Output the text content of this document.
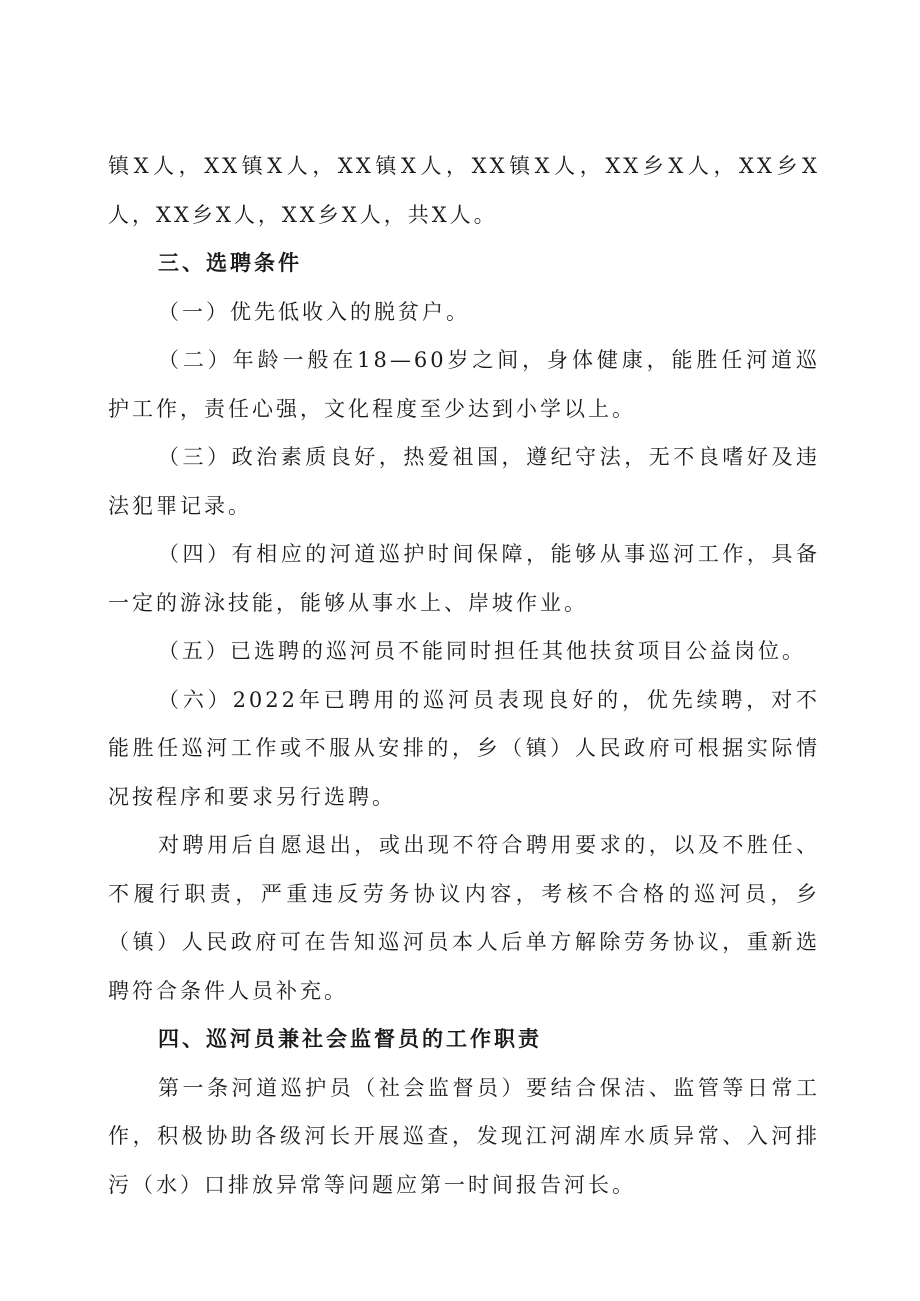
镇X人，XX镇X人，XX镇X人，XX镇X人，XX乡X人，XX乡X人，XX乡X人，XX乡X人，共X人。

三、选聘条件

（一）优先低收入的脱贫户。

（二）年龄一般在18—60岁之间，身体健康，能胜任河道巡护工作，责任心强，文化程度至少达到小学以上。

（三）政治素质良好，热爱祖国，遵纪守法，无不良嗜好及违法犯罪记录。

（四）有相应的河道巡护时间保障，能够从事巡河工作，具备一定的游泳技能，能够从事水上、岸坡作业。

（五）已选聘的巡河员不能同时担任其他扶贫项目公益岗位。

（六）2022年已聘用的巡河员表现良好的，优先续聘，对不能胜任巡河工作或不服从安排的，乡（镇）人民政府可根据实际情况按程序和要求另行选聘。

对聘用后自愿退出，或出现不符合聘用要求的，以及不胜任、不履行职责，严重违反劳务协议内容，考核不合格的巡河员，乡（镇）人民政府可在告知巡河员本人后单方解除劳务协议，重新选聘符合条件人员补充。

四、巡河员兼社会监督员的工作职责

第一条河道巡护员（社会监督员）要结合保洁、监管等日常工作，积极协助各级河长开展巡查，发现江河湖库水质异常、入河排污（水）口排放异常等问题应第一时间报告河长。
